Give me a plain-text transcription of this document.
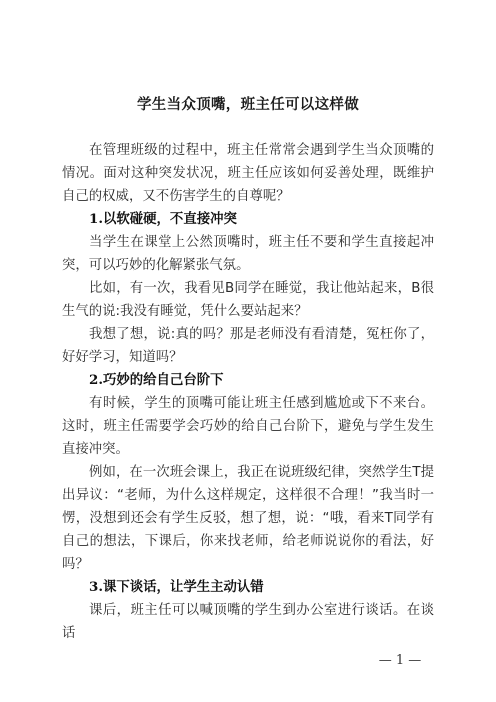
学生当众顶嘴，班主任可以这样做

在管理班级的过程中，班主任常常会遇到学生当众顶嘴的情况。面对这种突发状况，班主任应该如何妥善处理，既维护自己的权威，又不伤害学生的自尊呢？

1.以软碰硬，不直接冲突

当学生在课堂上公然顶嘴时，班主任不要和学生直接起冲突，可以巧妙的化解紧张气氛。

比如，有一次，我看见B同学在睡觉，我让他站起来，B很生气的说:我没有睡觉，凭什么要站起来？

我想了想，说:真的吗？那是老师没有看清楚，冤枉你了，好好学习，知道吗？

2.巧妙的给自己台阶下

有时候，学生的顶嘴可能让班主任感到尴尬或下不来台。这时，班主任需要学会巧妙的给自己台阶下，避免与学生发生直接冲突。

例如，在一次班会课上，我正在说班级纪律，突然学生T提出异议：“老师，为什么这样规定，这样很不合理！”我当时一愣，没想到还会有学生反驳，想了想，说：“哦，看来T同学有自己的想法，下课后，你来找老师，给老师说说你的看法，好吗？

3.课下谈话，让学生主动认错

课后，班主任可以喊顶嘴的学生到办公室进行谈话。在谈话

— 1 —
